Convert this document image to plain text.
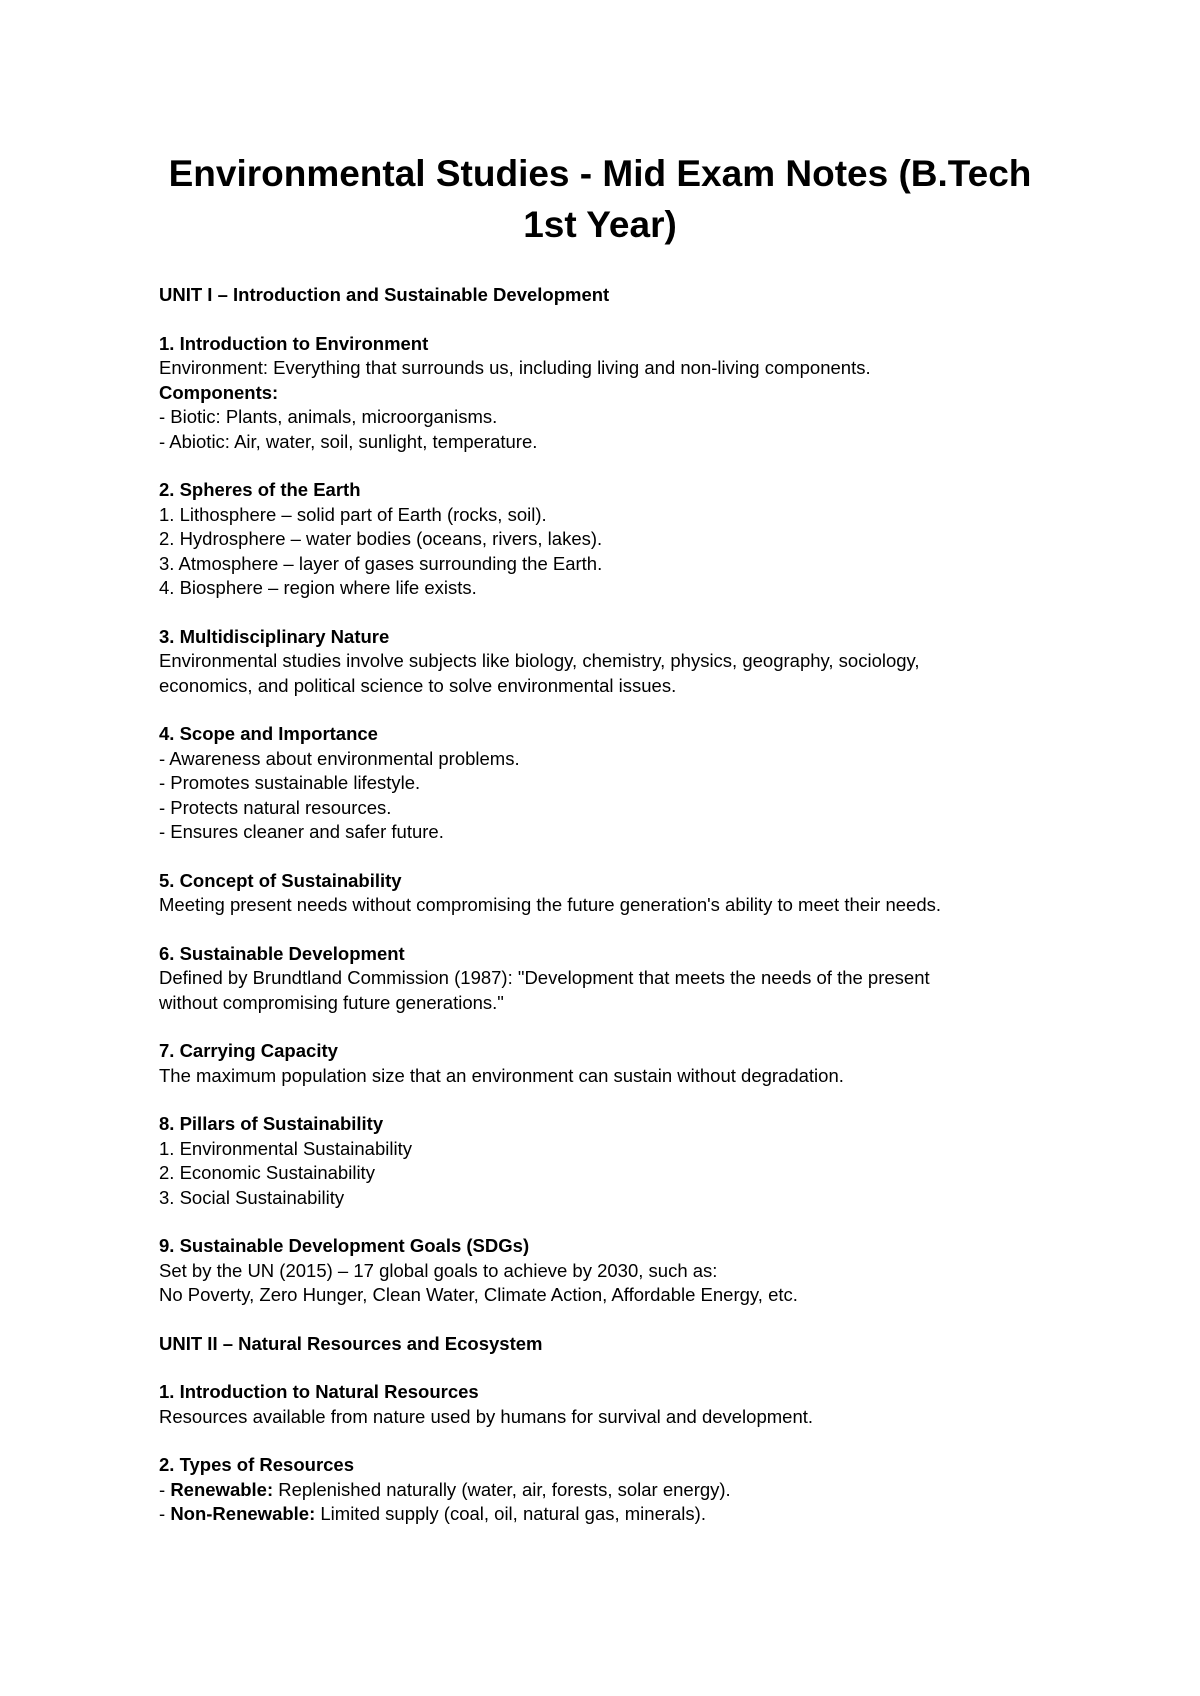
Environmental Studies - Mid Exam Notes (B.Tech 1st Year)
UNIT I – Introduction and Sustainable Development
1. Introduction to Environment
Environment: Everything that surrounds us, including living and non-living components.
Components:
- Biotic: Plants, animals, microorganisms.
- Abiotic: Air, water, soil, sunlight, temperature.
2. Spheres of the Earth
1. Lithosphere – solid part of Earth (rocks, soil).
2. Hydrosphere – water bodies (oceans, rivers, lakes).
3. Atmosphere – layer of gases surrounding the Earth.
4. Biosphere – region where life exists.
3. Multidisciplinary Nature
Environmental studies involve subjects like biology, chemistry, physics, geography, sociology,
economics, and political science to solve environmental issues.
4. Scope and Importance
- Awareness about environmental problems.
- Promotes sustainable lifestyle.
- Protects natural resources.
- Ensures cleaner and safer future.
5. Concept of Sustainability
Meeting present needs without compromising the future generation's ability to meet their needs.
6. Sustainable Development
Defined by Brundtland Commission (1987): "Development that meets the needs of the present
without compromising future generations."
7. Carrying Capacity
The maximum population size that an environment can sustain without degradation.
8. Pillars of Sustainability
1. Environmental Sustainability
2. Economic Sustainability
3. Social Sustainability
9. Sustainable Development Goals (SDGs)
Set by the UN (2015) – 17 global goals to achieve by 2030, such as:
No Poverty, Zero Hunger, Clean Water, Climate Action, Affordable Energy, etc.
UNIT II – Natural Resources and Ecosystem
1. Introduction to Natural Resources
Resources available from nature used by humans for survival and development.
2. Types of Resources
- Renewable: Replenished naturally (water, air, forests, solar energy).
- Non-Renewable: Limited supply (coal, oil, natural gas, minerals).
